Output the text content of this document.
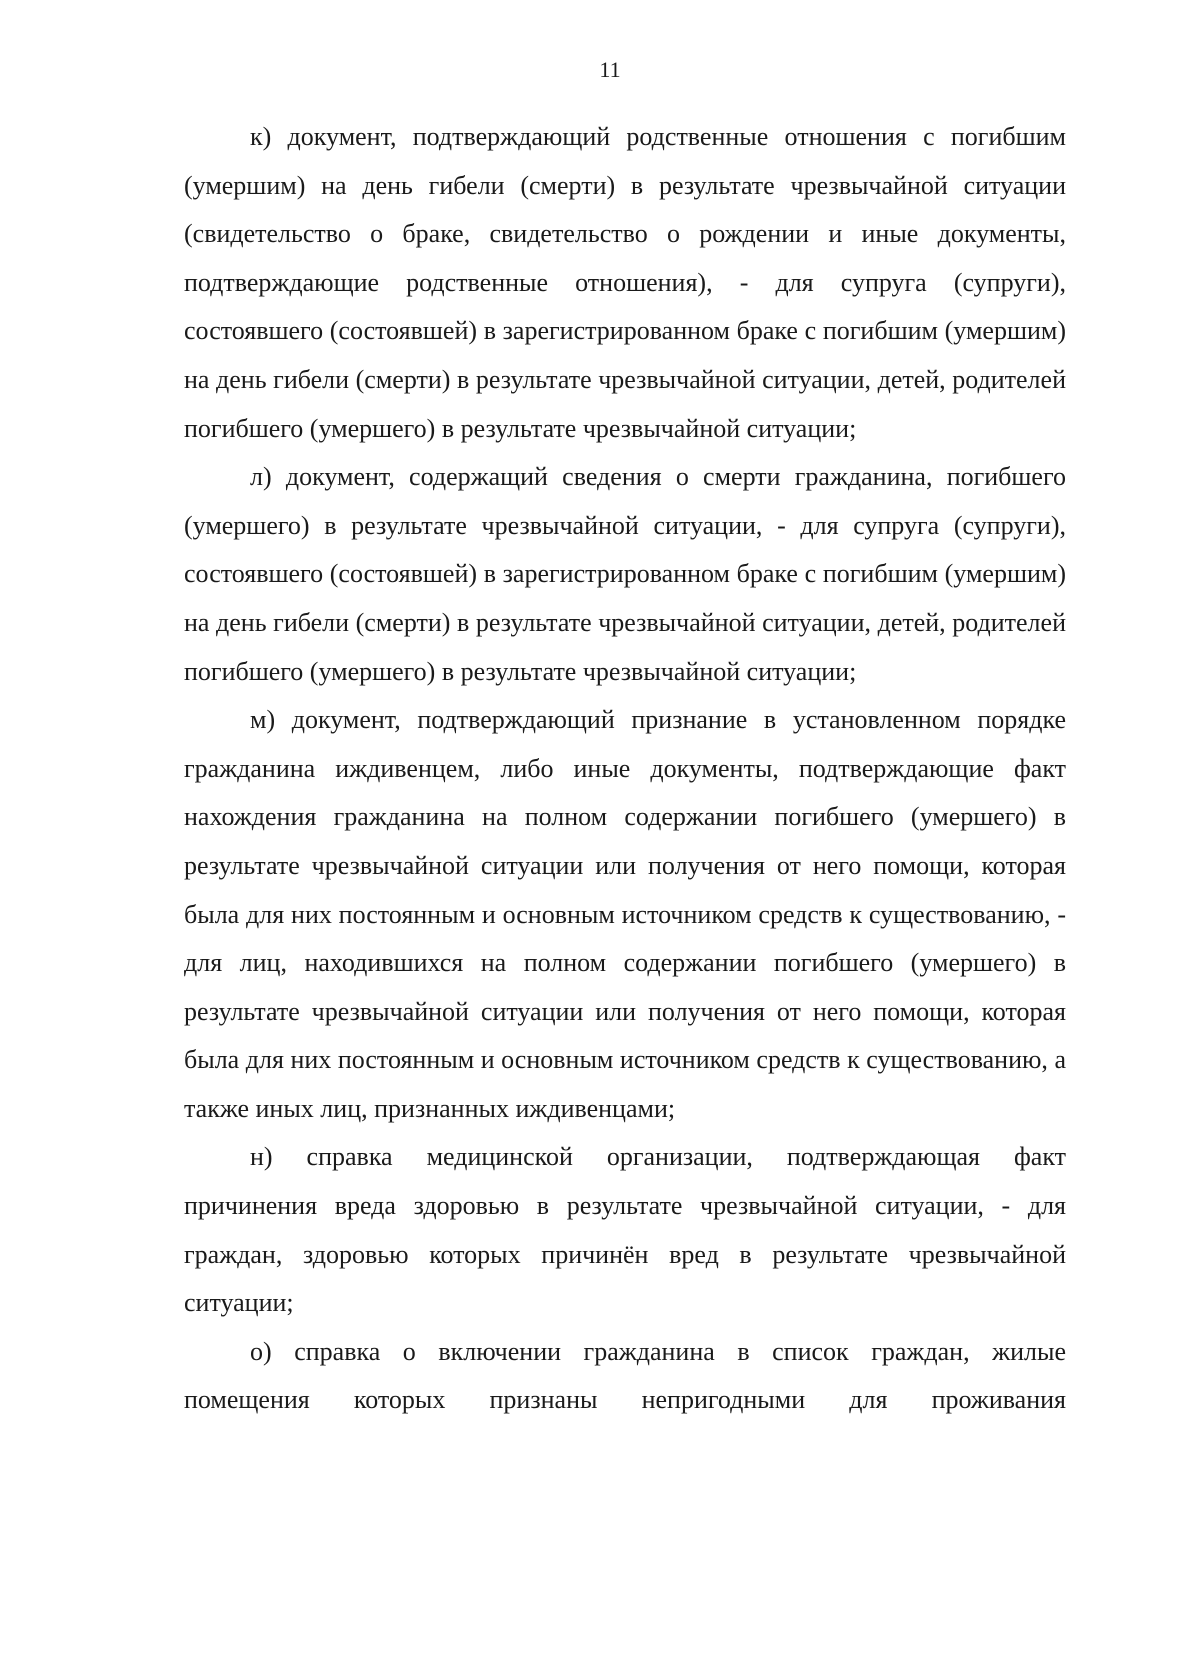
11

к) документ, подтверждающий родственные отношения с погибшим (умершим) на день гибели (смерти) в результате чрезвычайной ситуации (свидетельство о браке, свидетельство о рождении и иные документы, подтверждающие родственные отношения), - для супруга (супруги), состоявшего (состоявшей) в зарегистрированном браке с погибшим (умершим) на день гибели (смерти) в результате чрезвычайной ситуации, детей, родителей погибшего (умершего) в результате чрезвычайной ситуации;

л) документ, содержащий сведения о смерти гражданина, погибшего (умершего) в результате чрезвычайной ситуации, - для супруга (супруги), состоявшего (состоявшей) в зарегистрированном браке с погибшим (умершим) на день гибели (смерти) в результате чрезвычайной ситуации, детей, родителей погибшего (умершего) в результате чрезвычайной ситуации;

м) документ, подтверждающий признание в установленном порядке гражданина иждивенцем, либо иные документы, подтверждающие факт нахождения гражданина на полном содержании погибшего (умершего) в результате чрезвычайной ситуации или получения от него помощи, которая была для них постоянным и основным источником средств к существованию, - для лиц, находившихся на полном содержании погибшего (умершего) в результате чрезвычайной ситуации или получения от него помощи, которая была для них постоянным и основным источником средств к существованию, а также иных лиц, признанных иждивенцами;

н) справка медицинской организации, подтверждающая факт причинения вреда здоровью в результате чрезвычайной ситуации, - для граждан, здоровью которых причинён вред в результате чрезвычайной ситуации;

о) справка о включении гражданина в список граждан, жилые помещения которых признаны непригодными для проживания
